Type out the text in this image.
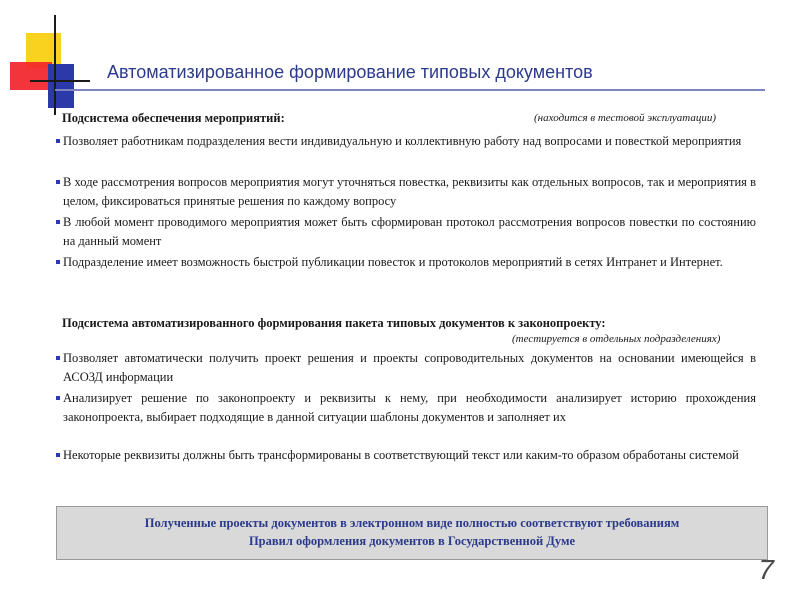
Автоматизированное формирование типовых документов
Подсистема обеспечения мероприятий:	(находится в тестовой эксплуатации)
Позволяет работникам подразделения вести индивидуальную и коллективную работу над вопросами и повесткой мероприятия
В ходе рассмотрения вопросов мероприятия могут уточняться повестка, реквизиты как отдельных вопросов, так и мероприятия в целом, фиксироваться принятые решения по каждому вопросу
В любой момент проводимого мероприятия может быть сформирован протокол рассмотрения вопросов повестки по состоянию на данный момент
Подразделение имеет возможность быстрой публикации повесток и протоколов мероприятий в сетях Интранет и Интернет.
Подсистема автоматизированного формирования пакета типовых документов к законопроекту:
(тестируется в отдельных подразделениях)
Позволяет автоматически получить проект решения и проекты сопроводительных документов на основании имеющейся в АСОЗД информации
Анализирует решение по законопроекту и реквизиты к нему, при необходимости анализирует историю прохождения законопроекта, выбирает подходящие в данной ситуации шаблоны документов и заполняет их
Некоторые реквизиты должны быть трансформированы в соответствующий текст или каким-то образом обработаны системой
Полученные проекты документов в электронном виде полностью соответствуют требованиям
Правил оформления документов в Государственной Думе
7
